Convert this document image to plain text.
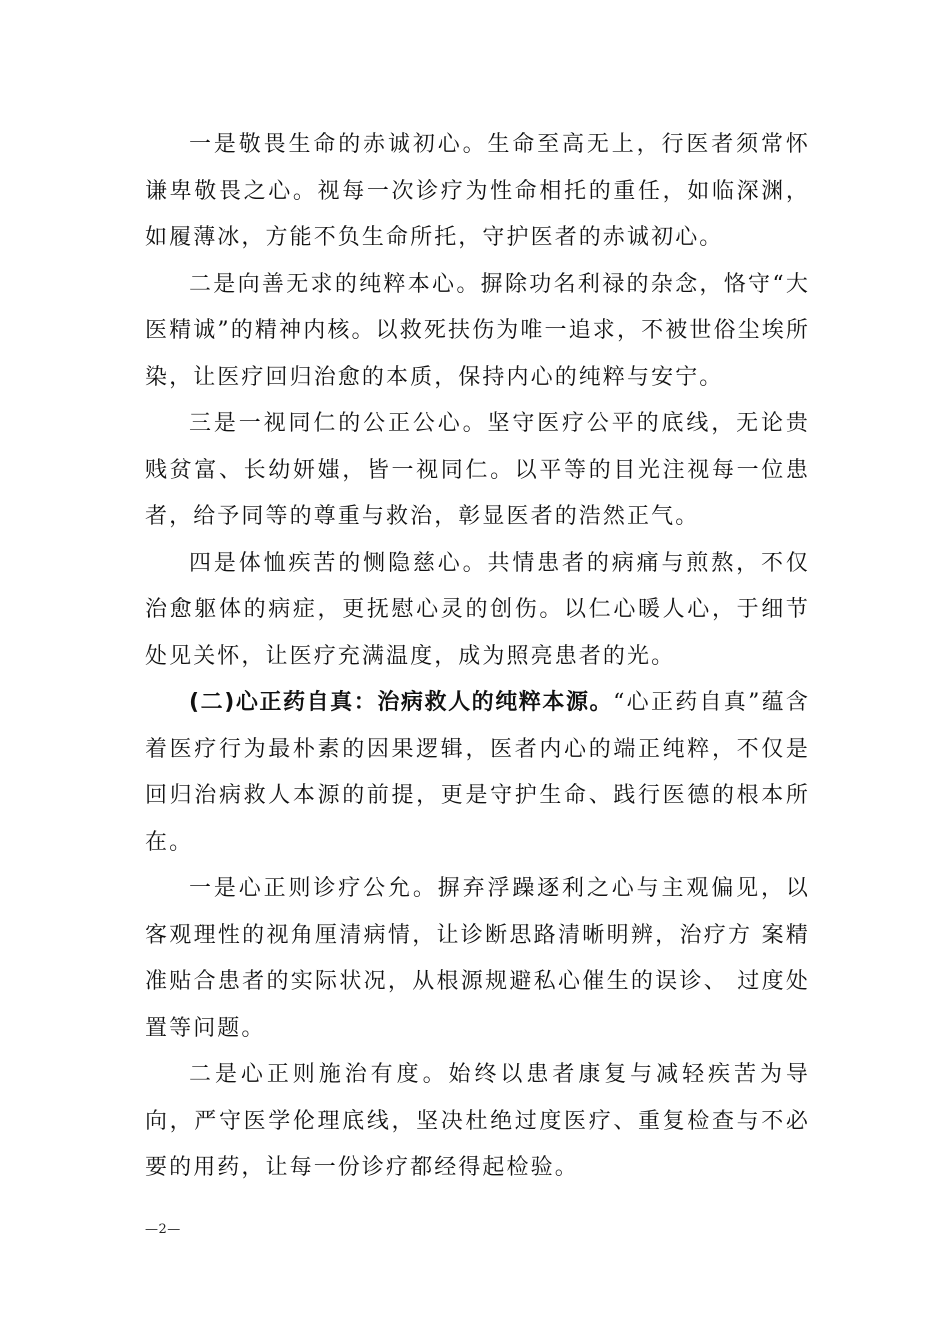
一是敬畏生命的赤诚初心。生命至高无上，行医者须常怀谦卑敬畏之心。视每一次诊疗为性命相托的重任，如临深渊，如履薄冰，方能不负生命所托，守护医者的赤诚初心。

二是向善无求的纯粹本心。摒除功名利禄的杂念，恪守“大医精诚”的精神内核。以救死扶伤为唯一追求，不被世俗尘埃所染，让医疗回归治愈的本质，保持内心的纯粹与安宁。

三是一视同仁的公正公心。坚守医疗公平的底线，无论贵贱贫富、长幼妍媸，皆一视同仁。以平等的目光注视每一位患者，给予同等的尊重与救治，彰显医者的浩然正气。

四是体恤疾苦的恻隐慈心。共情患者的病痛与煎熬，不仅治愈躯体的病症，更抚慰心灵的创伤。以仁心暖人心，于细节处见关怀，让医疗充满温度，成为照亮患者的光。

(二)心正药自真：治病救人的纯粹本源。“心正药自真”蕴含着医疗行为最朴素的因果逻辑，医者内心的端正纯粹，不仅是回归治病救人本源的前提，更是守护生命、践行医德的根本所在。

一是心正则诊疗公允。摒弃浮躁逐利之心与主观偏见，以客观理性的视角厘清病情，让诊断思路清晰明辨，治疗方 案精准贴合患者的实际状况，从根源规避私心催生的误诊、 过度处置等问题。

二是心正则施治有度。始终以患者康复与减轻疾苦为导向，严守医学伦理底线，坚决杜绝过度医疗、重复检查与不必要的用药，让每一份诊疗都经得起检验。

—2—
